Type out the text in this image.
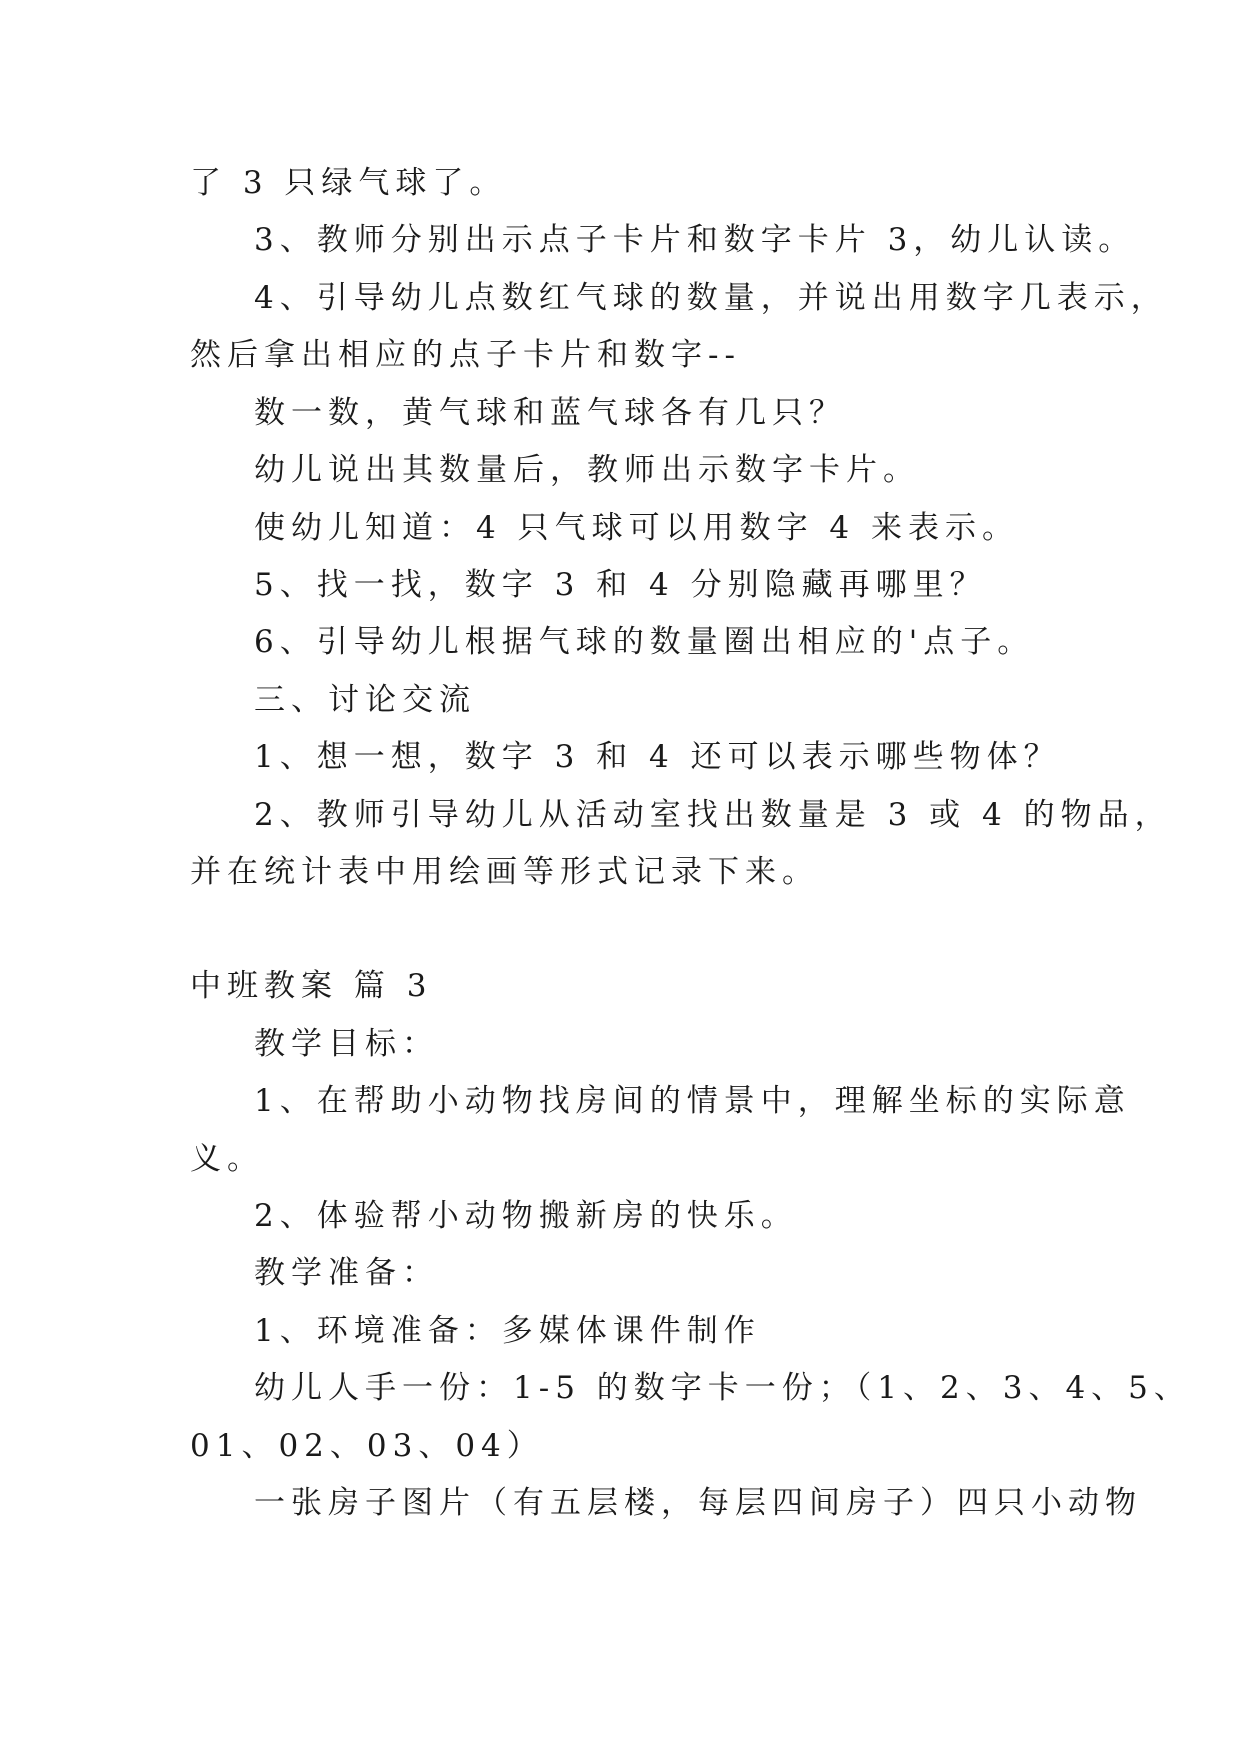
了 3 只绿气球了。
3、教师分别出示点子卡片和数字卡片 3，幼儿认读。
4、引导幼儿点数红气球的数量，并说出用数字几表示，
然后拿出相应的点子卡片和数字--
数一数，黄气球和蓝气球各有几只？
幼儿说出其数量后，教师出示数字卡片。
使幼儿知道：4 只气球可以用数字 4 来表示。
5、找一找，数字 3 和 4 分别隐藏再哪里？
6、引导幼儿根据气球的数量圈出相应的'点子。
三、讨论交流
1、想一想，数字 3 和 4 还可以表示哪些物体？
2、教师引导幼儿从活动室找出数量是 3 或 4 的物品，
并在统计表中用绘画等形式记录下来。
中班教案 篇 3
教学目标：
1、在帮助小动物找房间的情景中，理解坐标的实际意
义。
2、体验帮小动物搬新房的快乐。
教学准备：
1、环境准备：多媒体课件制作
幼儿人手一份：1-5 的数字卡一份；（1、2、3、4、5、
01、02、03、04）
一张房子图片（有五层楼，每层四间房子）四只小动物
